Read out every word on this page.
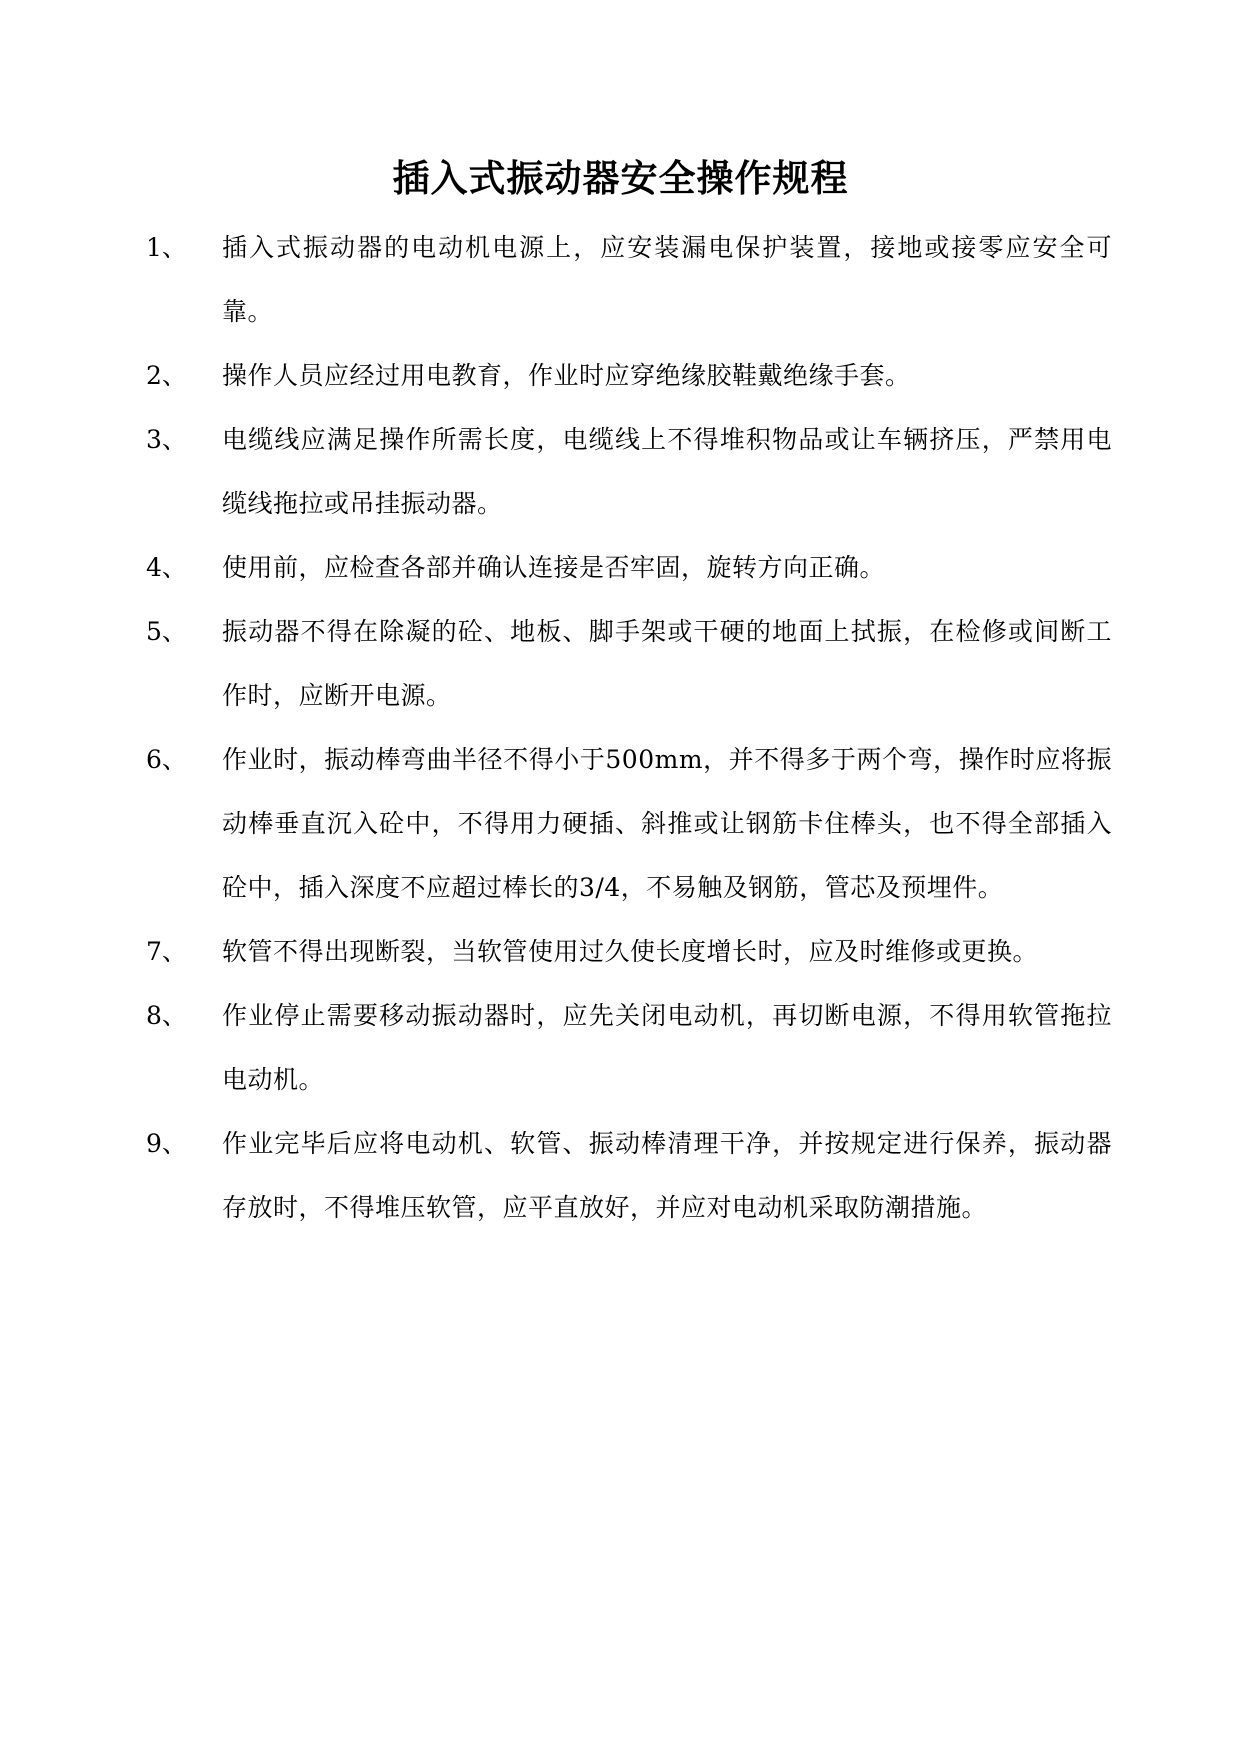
插入式振动器安全操作规程
1、	插入式振动器的电动机电源上，应安装漏电保护装置，接地或接零应安全可靠。
2、	操作人员应经过用电教育，作业时应穿绝缘胶鞋戴绝缘手套。
3、	电缆线应满足操作所需长度，电缆线上不得堆积物品或让车辆挤压，严禁用电缆线拖拉或吊挂振动器。
4、	使用前，应检查各部并确认连接是否牢固，旋转方向正确。
5、	振动器不得在除凝的砼、地板、脚手架或干硬的地面上拭振，在检修或间断工作时，应断开电源。
6、	作业时，振动棒弯曲半径不得小于500mm，并不得多于两个弯，操作时应将振动棒垂直沉入砼中，不得用力硬插、斜推或让钢筋卡住棒头，也不得全部插入砼中，插入深度不应超过棒长的3/4，不易触及钢筋，管芯及预埋件。
7、	软管不得出现断裂，当软管使用过久使长度增长时，应及时维修或更换。
8、	作业停止需要移动振动器时，应先关闭电动机，再切断电源，不得用软管拖拉电动机。
9、	作业完毕后应将电动机、软管、振动棒清理干净，并按规定进行保养，振动器存放时，不得堆压软管，应平直放好，并应对电动机采取防潮措施。
